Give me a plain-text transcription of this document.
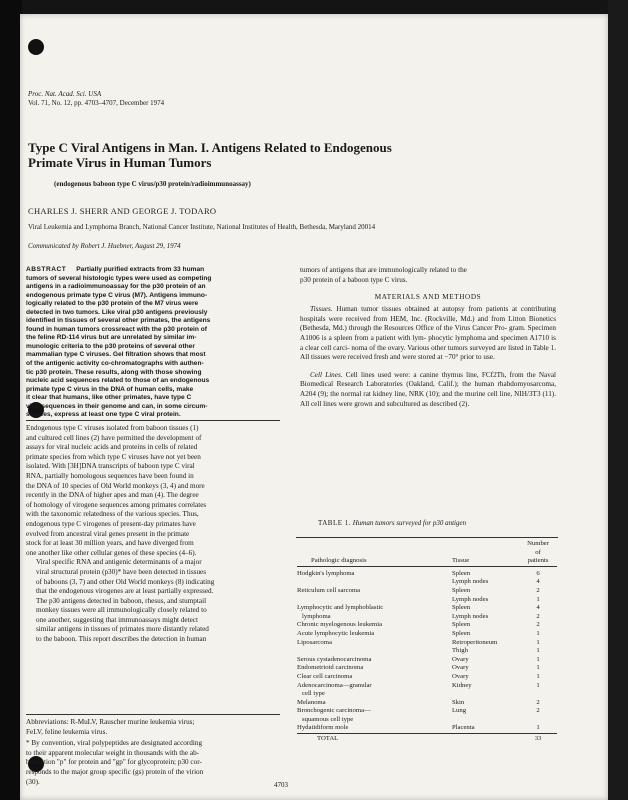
Proc. Nat. Acad. Sci. USA
Vol. 71, No. 12, pp. 4703–4707, December 1974
Type C Viral Antigens in Man. I. Antigens Related to Endogenous
Primate Virus in Human Tumors
(endogenous baboon type C virus/p30 protein/radioimmunoassay)
CHARLES J. SHERR AND GEORGE J. TODARO
Viral Leukemia and Lymphoma Branch, National Cancer Institute, National Institutes of Health, Bethesda, Maryland 20014
Communicated by Robert J. Huebner, August 29, 1974
ABSTRACT Partially purified extracts from 33 human
tumors of several histologic types were used as competing
antigens in a radioimmunoassay for the p30 protein of an
endogenous primate type C virus (M7). Antigens immuno-
logically related to the p30 protein of the M7 virus were
detected in two tumors. Like viral p30 antigens previously
identified in tissues of several other primates, the antigens
found in human tumors crossreact with the p30 protein of
the feline RD-114 virus but are unrelated by similar im-
munologic criteria to the p30 proteins of several other
mammalian type C viruses. Gel filtration shows that most
of the antigenic activity co-chromatographs with authen-
tic p30 protein. These results, along with those showing
nucleic acid sequences related to those of an endogenous
primate type C virus in the DNA of human cells, make
it clear that humans, like other primates, have type C
viral sequences in their genome and can, in some circum-
stances, express at least one type C viral protein.
Endogenous type C viruses isolated from baboon tissues (1)
and cultured cell lines (2) have permitted the development of
assays for viral nucleic acids and proteins in cells of related
primate species from which type C viruses have not yet been
isolated. With [3H]DNA transcripts of baboon type C viral
RNA, partially homologous sequences have been found in
the DNA of 10 species of Old World monkeys (3, 4) and more
recently in the DNA of higher apes and man (4). The degree
of homology of virogene sequences among primates correlates
with the taxonomic relatedness of the various species. Thus,
endogenous type C virogenes of present-day primates have
evolved from ancestral viral genes present in the primate
stock for at least 30 million years, and have diverged from
one another like other cellular genes of these species (4–6).
Viral specific RNA and antigenic determinants of a major
viral structural protein (p30)* have been detected in tissues
of baboons (3, 7) and other Old World monkeys (8) indicating
that the endogenous virogenes are at least partially expressed.
The p30 antigens detected in baboon, rhesus, and stumptail
monkey tissues were all immunologically closely related to
one another, suggesting that immunoassays might detect
similar antigens in tissues of primates more distantly related
to the baboon. This report describes the detection in human
Abbreviations: R-MuLV, Rauscher murine leukemia virus;
FeLV, feline leukemia virus.
* By convention, viral polypeptides are designated according
to their apparent molecular weight in thousands with the ab-
breviation "p" for protein and "gp" for glycoprotein; p30 cor-
responds to the major group specific (gs) protein of the virion
(30).
tumors of antigens that are immunologically related to the
p30 protein of a baboon type C virus.
MATERIALS AND METHODS
Tissues. Human tumor tissues obtained at autopsy from patients at contributing hospitals were received from HEM, Inc. (Rockville, Md.) and from Litton Bionetics (Bethesda, Md.) through the Resources Office of the Virus Cancer Pro- gram. Specimen A1006 is a spleen from a patient with lym- phocytic lymphoma and specimen A1710 is a clear cell carci- noma of the ovary. Various other tumors surveyed are listed in Table 1. All tissues were received fresh and were stored at −70° prior to use.
Cell Lines. Cell lines used were: a canine thymus line, FCf2Th, from the Naval Biomedical Research Laboratories (Oakland, Calif.); the human rhabdomyosarcoma, A204 (9); the normal rat kidney line, NRK (10); and the murine cell line, NIH/3T3 (11). All cell lines were grown and subcultured as described (2).
TABLE 1. Human tumors surveyed for p30 antigen
Pathologic diagnosis	Tissue	Number
of
patients

Hodgkin's lymphoma	Spleen	6
	Lymph nodes	4
Reticulum cell sarcoma	Spleen	2
	Lymph nodes	1
Lymphocytic and lymphoblastic	Spleen	4
lymphoma	Lymph nodes	2
Chronic myelogenous leukemia	Spleen	2
Acute lymphocytic leukemia	Spleen	1
Liposarcoma	Retroperitoneum	1
	Thigh	1
Serous cystadenocarcinoma	Ovary	1
Endometrioid carcinoma	Ovary	1
Clear cell carcinoma	Ovary	1
Adenocarcinoma—granular	Kidney	1
cell type		
Melanoma	Skin	2
Bronchogenic carcinoma—	Lung	2
squamous cell type		
Hydatidiform mole	Placenta	1

TOTAL		33
4703
